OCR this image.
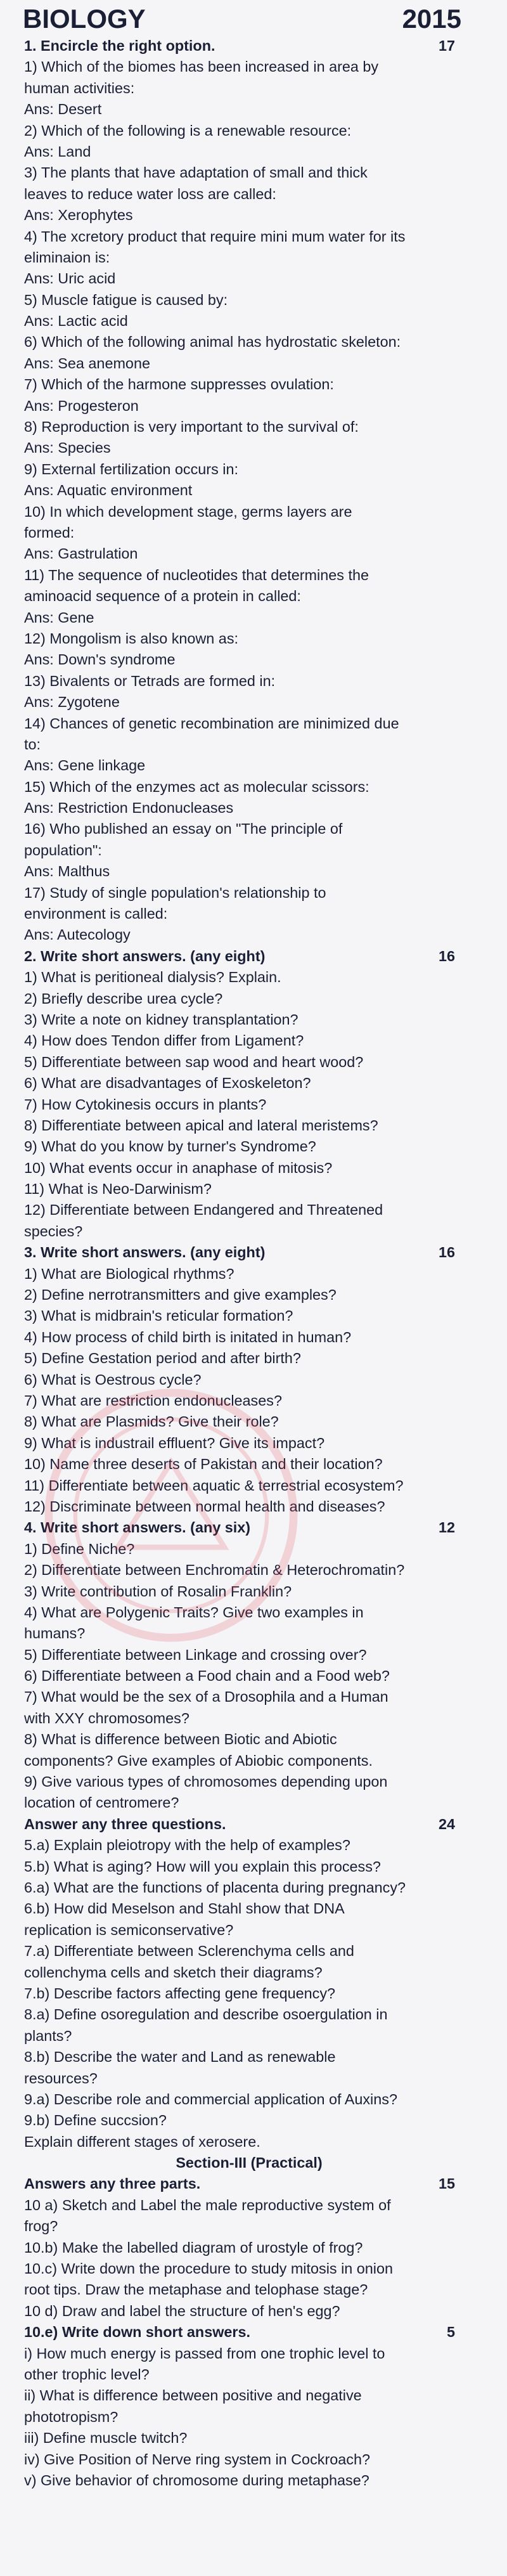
BIOLOGY	2015
1. Encircle the right option.	17
1) Which of the biomes has been increased in area by
human activities:
Ans: Desert
2) Which of the following is a renewable resource:
Ans: Land
3) The plants that have adaptation of small and thick
leaves to reduce water loss are called:
Ans: Xerophytes
4) The xcretory product that require mini mum water for its
eliminaion is:
Ans: Uric acid
5) Muscle fatigue is caused by:
Ans: Lactic acid
6) Which of the following animal has hydrostatic skeleton:
Ans: Sea anemone
7) Which of the harmone suppresses ovulation:
Ans: Progesteron
8) Reproduction is very important to the survival of:
Ans: Species
9) External fertilization occurs in:
Ans: Aquatic environment
10) In which development stage, germs layers are
formed:
Ans: Gastrulation
11) The sequence of nucleotides that determines the
aminoacid sequence of a protein in called:
Ans: Gene
12) Mongolism is also known as:
Ans: Down's syndrome
13) Bivalents or Tetrads are formed in:
Ans: Zygotene
14) Chances of genetic recombination are minimized due
to:
Ans: Gene linkage
15) Which of the enzymes act as molecular scissors:
Ans: Restriction Endonucleases
16) Who published an essay on "The principle of
population":
Ans: Malthus
17) Study of single population's relationship to
environment is called:
Ans: Autecology
2. Write short answers. (any eight)	16
1) What is peritioneal dialysis? Explain.
2) Briefly describe urea cycle?
3) Write a note on kidney transplantation?
4) How does Tendon differ from Ligament?
5) Differentiate between sap wood and heart wood?
6) What are disadvantages of Exoskeleton?
7) How Cytokinesis occurs in plants?
8) Differentiate between apical and lateral meristems?
9) What do you know by turner's Syndrome?
10) What events occur in anaphase of mitosis?
11) What is Neo-Darwinism?
12) Differentiate between Endangered and Threatened
species?
3. Write short answers. (any eight)	16
1) What are Biological rhythms?
2) Define nerrotransmitters and give examples?
3) What is midbrain's reticular formation?
4) How process of child birth is initated in human?
5) Define Gestation period and after birth?
6) What is Oestrous cycle?
7) What are restriction endonucleases?
8) What are Plasmids? Give their role?
9) What is industrail effluent? Give its impact?
10) Name three deserts of Pakistan and their location?
11) Differentiate between aquatic & terrestrial ecosystem?
12) Discriminate between normal health and diseases?
4. Write short answers. (any six)	12
1) Define Niche?
2) Differentiate between Enchromatin & Heterochromatin?
3) Write contribution of Rosalin Franklin?
4) What are Polygenic Traits? Give two examples in
humans?
5) Differentiate between Linkage and crossing over?
6) Differentiate between a Food chain and a Food web?
7) What would be the sex of a Drosophila and a Human
with XXY chromosomes?
8) What is difference between Biotic and Abiotic
components? Give examples of Abiobic components.
9) Give various types of chromosomes depending upon
location of centromere?
Answer any three questions.	24
5.a) Explain pleiotropy with the help of examples?
5.b) What is aging? How will you explain this process?
6.a) What are the functions of placenta during pregnancy?
6.b) How did Meselson and Stahl show that DNA
replication is semiconservative?
7.a) Differentiate between Sclerenchyma cells and
collenchyma cells and sketch their diagrams?
7.b) Describe factors affecting gene frequency?
8.a) Define osoregulation and describe osoergulation in
plants?
8.b) Describe the water and Land as renewable
resources?
9.a) Describe role and commercial application of Auxins?
9.b) Define succsion?
Explain different stages of xerosere.
Section-III (Practical)
Answers any three parts.	15
10 a) Sketch and Label the male reproductive system of
frog?
10.b) Make the labelled diagram of urostyle of frog?
10.c) Write down the procedure to study mitosis in onion
root tips. Draw the metaphase and telophase stage?
10 d) Draw and label the structure of hen's egg?
10.e) Write down short answers.	5
i) How much energy is passed from one trophic level to
other trophic level?
ii) What is difference between positive and negative
phototropism?
iii) Define muscle twitch?
iv) Give Position of Nerve ring system in Cockroach?
v) Give behavior of chromosome during metaphase?
